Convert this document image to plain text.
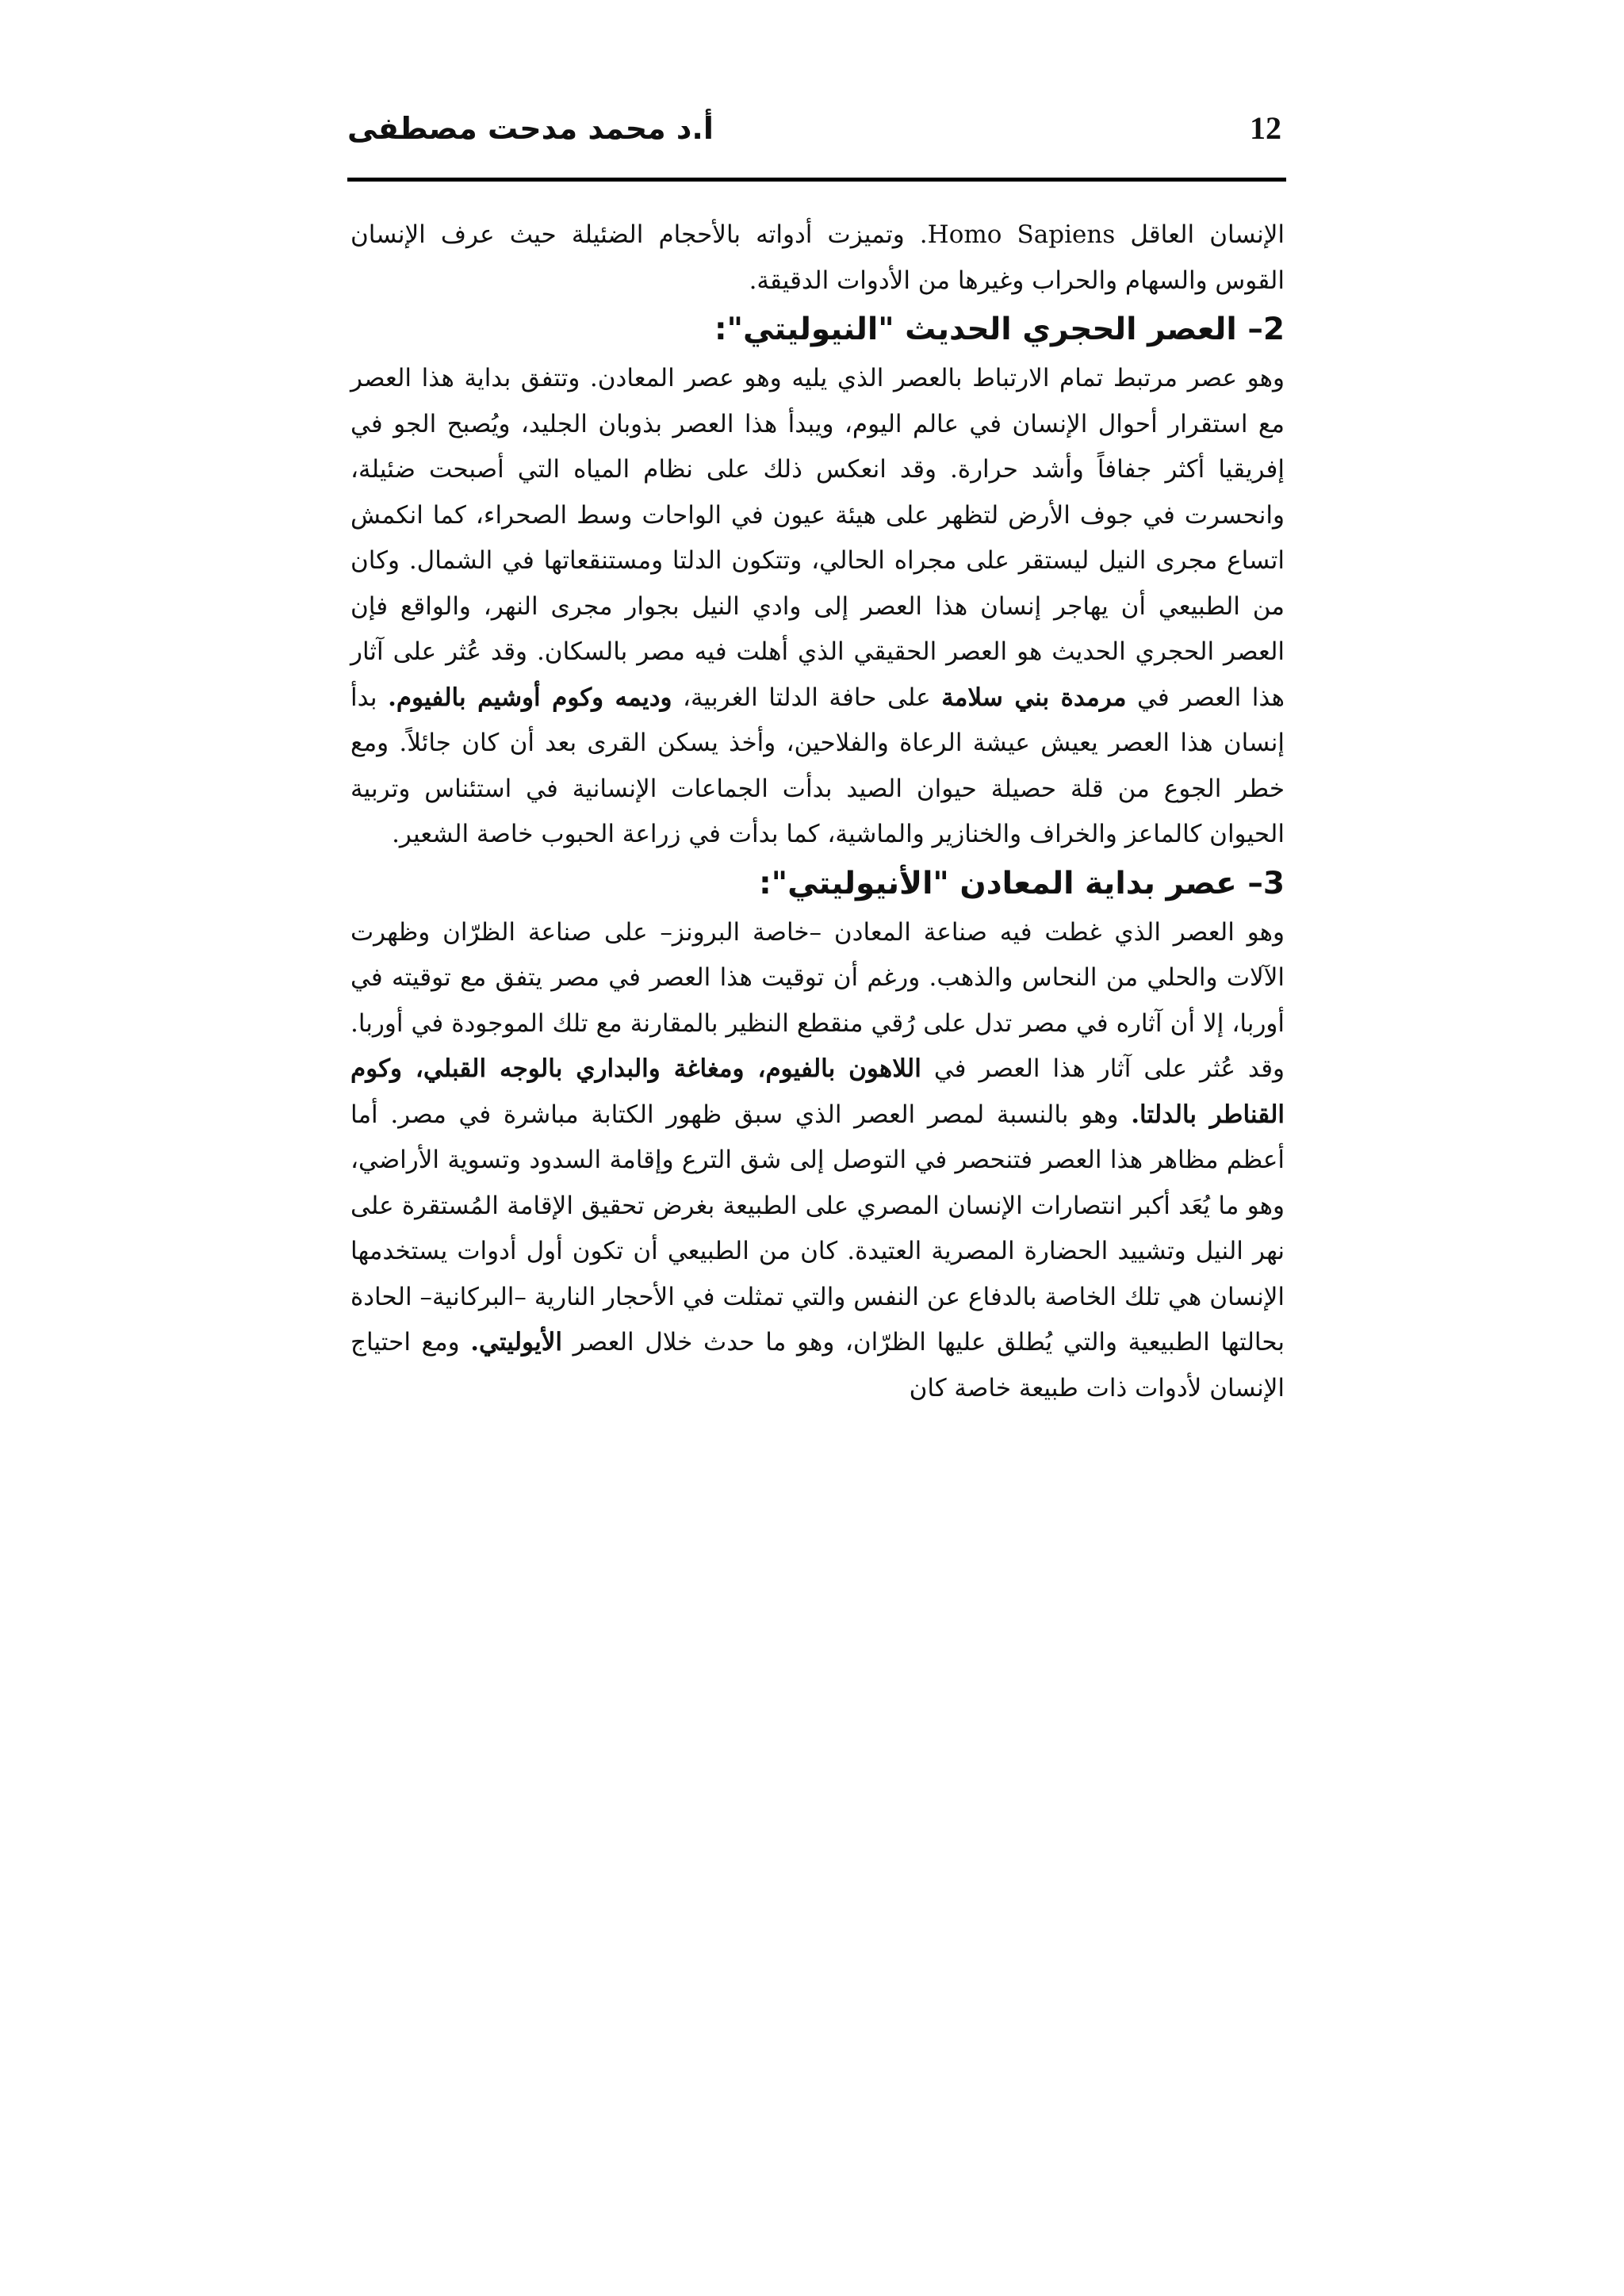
12
أ.د محمد مدحت مصطفى

الإنسان العاقل Homo Sapiens. وتميزت أدواته بالأحجام الضئيلة حيث عرف الإنسان القوس والسهام والحراب وغيرها من الأدوات الدقيقة.

2– العصر الحجري الحديث "النيوليتي":

وهو عصر مرتبط تمام الارتباط بالعصر الذي يليه وهو عصر المعادن. وتتفق بداية هذا العصر مع استقرار أحوال الإنسان في عالم اليوم، ويبدأ هذا العصر بذوبان الجليد، ويُصبح الجو في إفريقيا أكثر جفافاً وأشد حرارة. وقد انعكس ذلك على نظام المياه التي أصبحت ضئيلة، وانحسرت في جوف الأرض لتظهر على هيئة عيون في الواحات وسط الصحراء، كما انكمش اتساع مجرى النيل ليستقر على مجراه الحالي، وتتكون الدلتا ومستنقعاتها في الشمال. وكان من الطبيعي أن يهاجر إنسان هذا العصر إلى وادي النيل بجوار مجرى النهر، والواقع فإن العصر الحجري الحديث هو العصر الحقيقي الذي أهلت فيه مصر بالسكان. وقد عُثر على آثار هذا العصر في مرمدة بني سلامة على حافة الدلتا الغربية، وديمه وكوم أوشيم بالفيوم. بدأ إنسان هذا العصر يعيش عيشة الرعاة والفلاحين، وأخذ يسكن القرى بعد أن كان جائلاً. ومع خطر الجوع من قلة حصيلة حيوان الصيد بدأت الجماعات الإنسانية في استئناس وتربية الحيوان كالماعز والخراف والخنازير والماشية، كما بدأت في زراعة الحبوب خاصة الشعير.

3– عصر بداية المعادن "الأنيوليتي":

وهو العصر الذي غطت فيه صناعة المعادن –خاصة البرونز– على صناعة الظرّان وظهرت الآلات والحلي من النحاس والذهب. ورغم أن توقيت هذا العصر في مصر يتفق مع توقيته في أوربا، إلا أن آثاره في مصر تدل على رُقي منقطع النظير بالمقارنة مع تلك الموجودة في أوربا. وقد عُثر على آثار هذا العصر في اللاهون بالفيوم، ومغاغة والبداري بالوجه القبلي، وكوم القناطر بالدلتا. وهو بالنسبة لمصر العصر الذي سبق ظهور الكتابة مباشرة في مصر. أما أعظم مظاهر هذا العصر فتنحصر في التوصل إلى شق الترع وإقامة السدود وتسوية الأراضي، وهو ما يُعَد أكبر انتصارات الإنسان المصري على الطبيعة بغرض تحقيق الإقامة المُستقرة على نهر النيل وتشييد الحضارة المصرية العتيدة. كان من الطبيعي أن تكون أول أدوات يستخدمها الإنسان هي تلك الخاصة بالدفاع عن النفس والتي تمثلت في الأحجار النارية –البركانية– الحادة بحالتها الطبيعية والتي يُطلق عليها الظرّان، وهو ما حدث خلال العصر الأيوليتي. ومع احتياج الإنسان لأدوات ذات طبيعة خاصة كان
